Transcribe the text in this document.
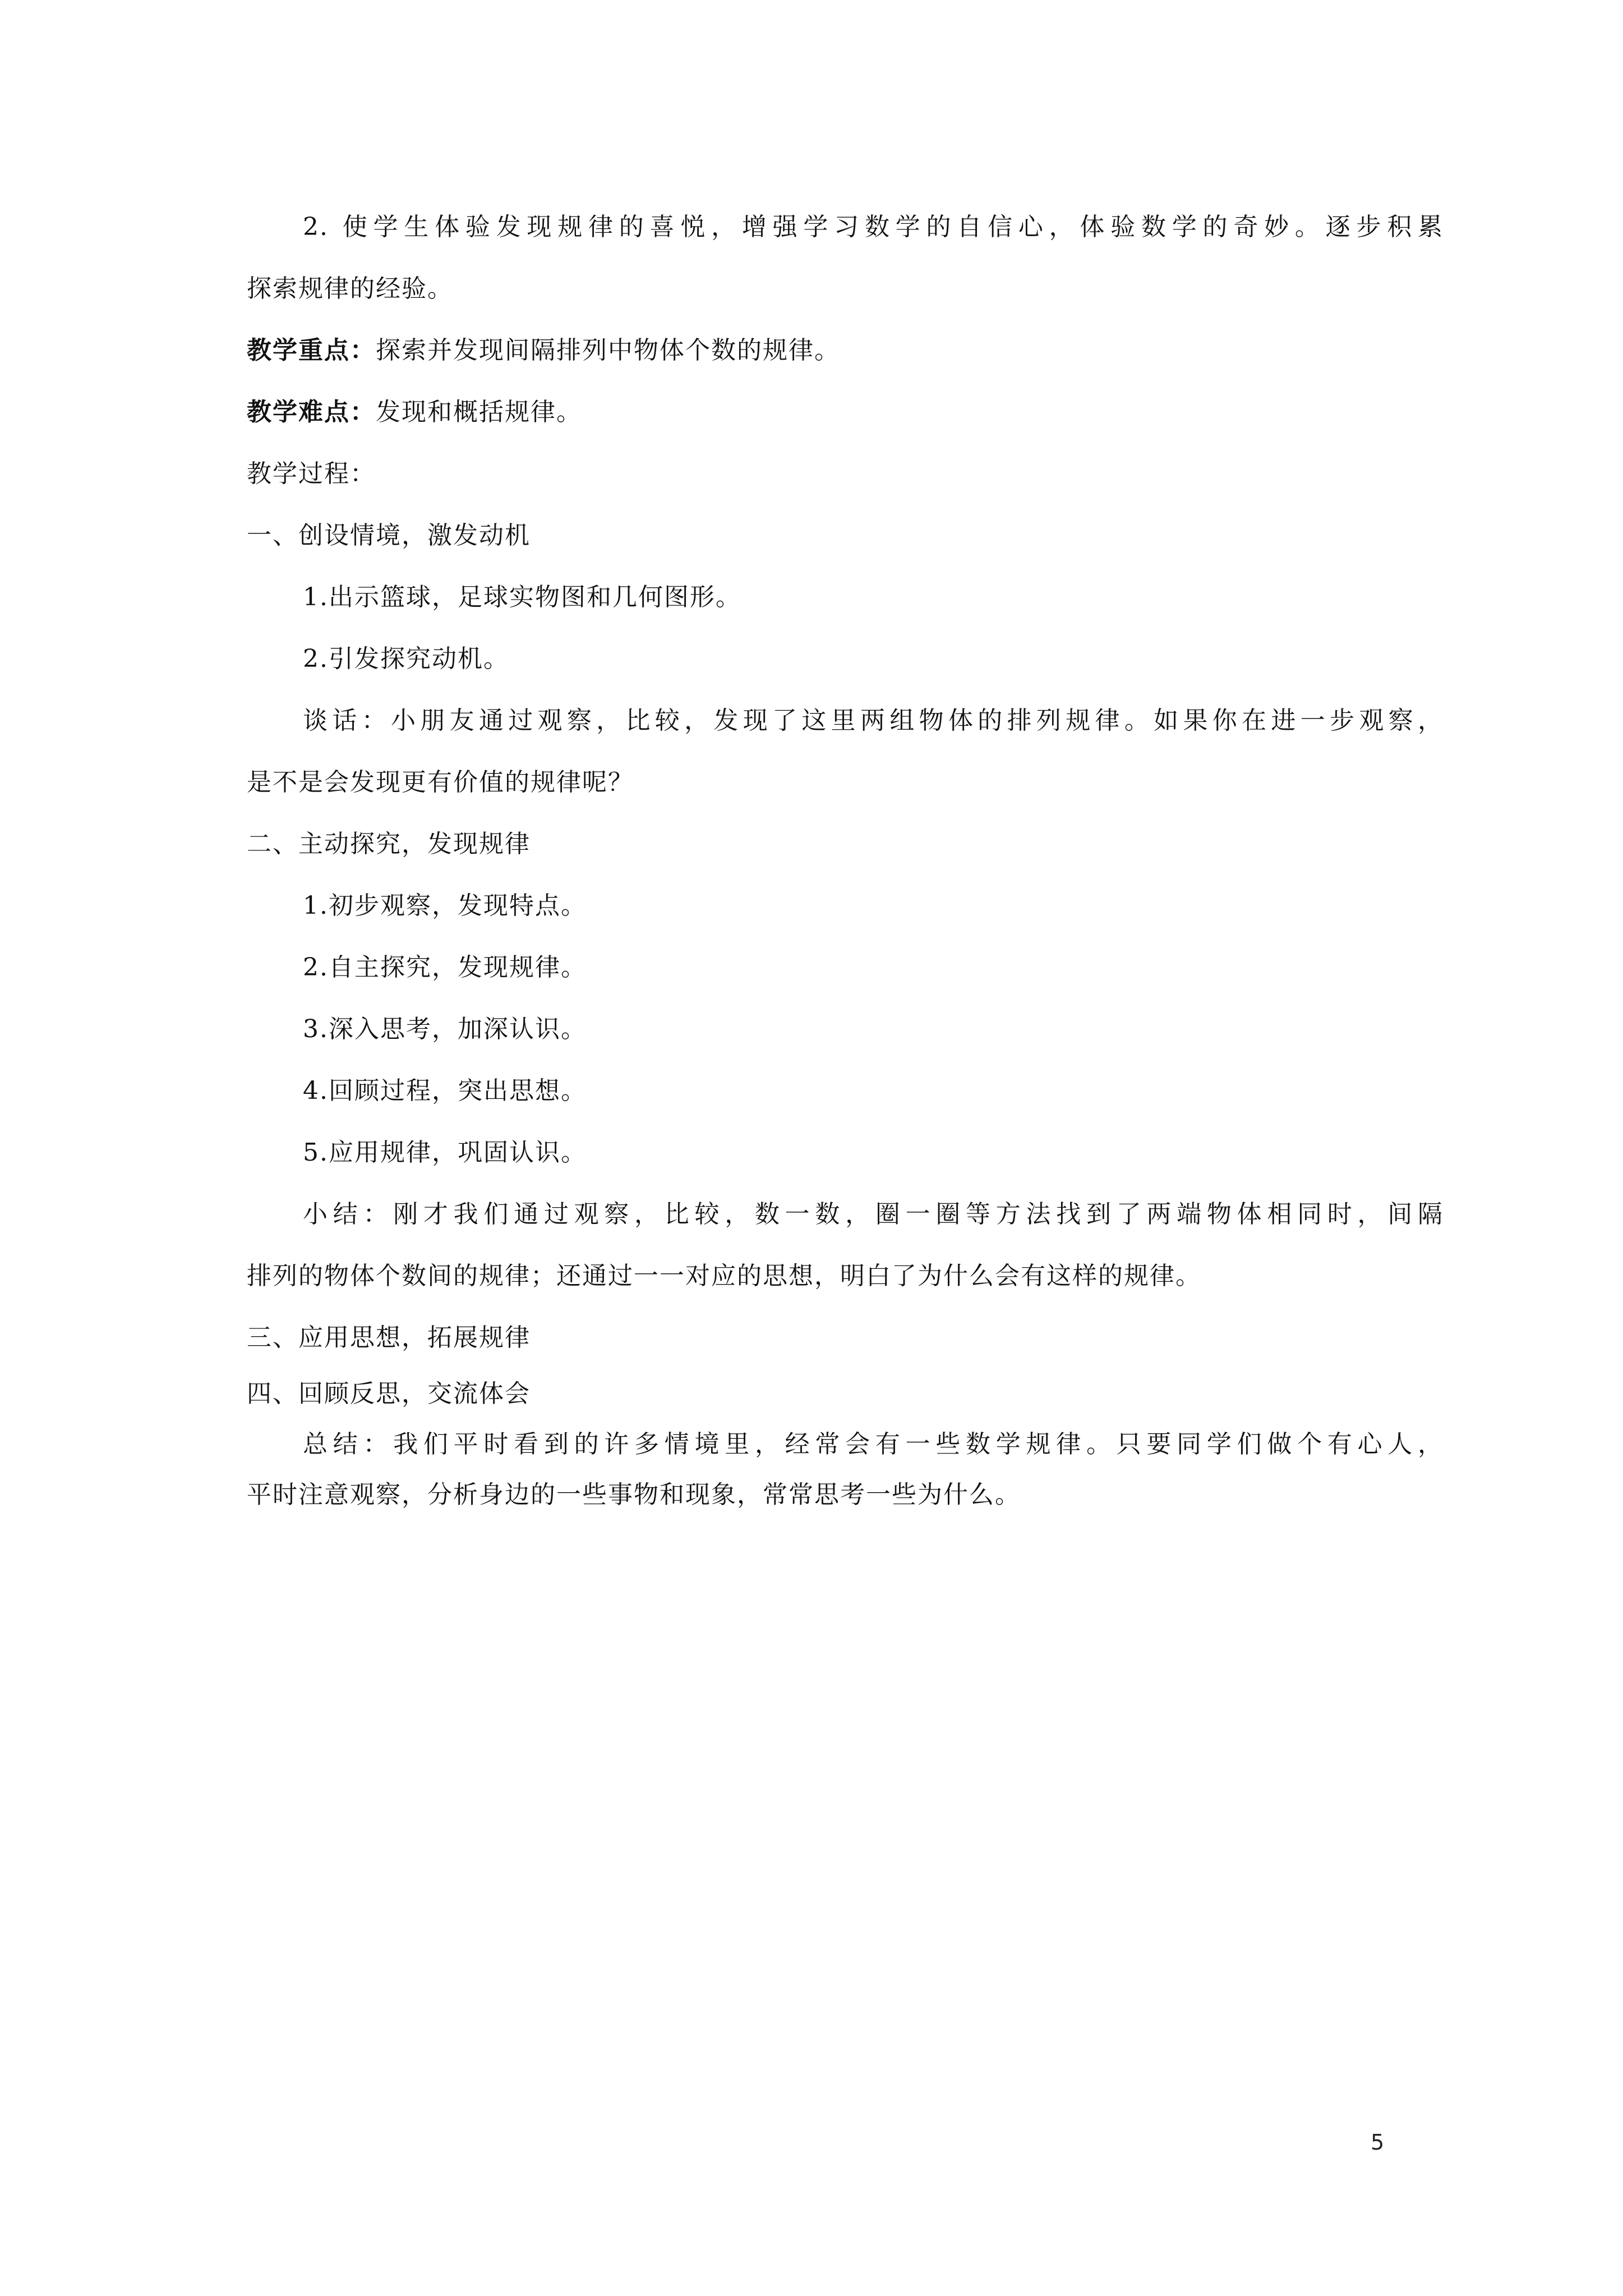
2. 使学生体验发现规律的喜悦，增强学习数学的自信心，体验数学的奇妙。逐步积累
探索规律的经验。
教学重点：探索并发现间隔排列中物体个数的规律。
教学难点：发现和概括规律。
教学过程：
一、创设情境，激发动机
1.出示篮球，足球实物图和几何图形。
2.引发探究动机。
谈话：小朋友通过观察，比较，发现了这里两组物体的排列规律。如果你在进一步观察，
是不是会发现更有价值的规律呢？
二、主动探究，发现规律
1.初步观察，发现特点。
2.自主探究，发现规律。
3.深入思考，加深认识。
4.回顾过程，突出思想。
5.应用规律，巩固认识。
小结：刚才我们通过观察，比较，数一数，圈一圈等方法找到了两端物体相同时，间隔
排列的物体个数间的规律；还通过一一对应的思想，明白了为什么会有这样的规律。
三、应用思想，拓展规律
四、回顾反思，交流体会
总结：我们平时看到的许多情境里，经常会有一些数学规律。只要同学们做个有心人，
平时注意观察，分析身边的一些事物和现象，常常思考一些为什么。
5
